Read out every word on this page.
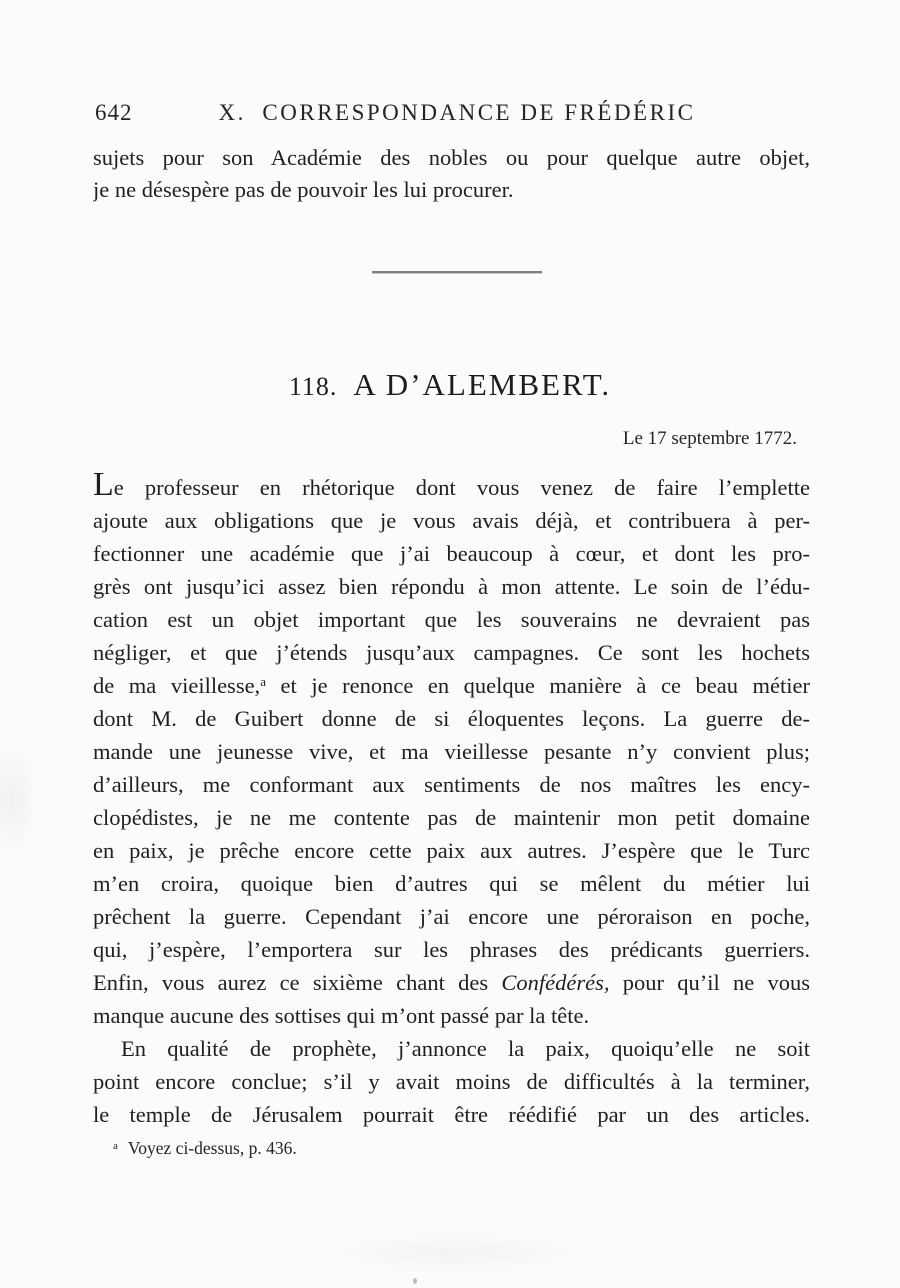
642	X.  CORRESPONDANCE DE FRÉDÉRIC
sujets pour son Académie des nobles ou pour quelque autre objet,
je ne désespère pas de pouvoir les lui procurer.
118. A D’ALEMBERT.
Le 17 septembre 1772.
Le professeur en rhétorique dont vous venez de faire l’emplette
ajoute aux obligations que je vous avais déjà, et contribuera à per-
fectionner une académie que j’ai beaucoup à cœur, et dont les pro-
grès ont jusqu’ici assez bien répondu à mon attente. Le soin de l’édu-
cation est un objet important que les souverains ne devraient pas
négliger, et que j’étends jusqu’aux campagnes. Ce sont les hochets
de ma vieillesse,$^a$ et je renonce en quelque manière à ce beau métier
dont M. de Guibert donne de si éloquentes leçons. La guerre de-
mande une jeunesse vive, et ma vieillesse pesante n’y convient plus;
d’ailleurs, me conformant aux sentiments de nos maîtres les ency-
clopédistes, je ne me contente pas de maintenir mon petit domaine
en paix, je prêche encore cette paix aux autres. J’espère que le Turc
m’en croira, quoique bien d’autres qui se mêlent du métier lui
prêchent la guerre. Cependant j’ai encore une péroraison en poche,
qui, j’espère, l’emportera sur les phrases des prédicants guerriers.
Enfin, vous aurez ce sixième chant des Confédérés, pour qu’il ne vous
manque aucune des sottises qui m’ont passé par la tête.
En qualité de prophète, j’annonce la paix, quoiqu’elle ne soit
point encore conclue; s’il y avait moins de difficultés à la terminer,
le temple de Jérusalem pourrait être réédifié par un des articles.
$^a$ Voyez ci-dessus, p. 436.
